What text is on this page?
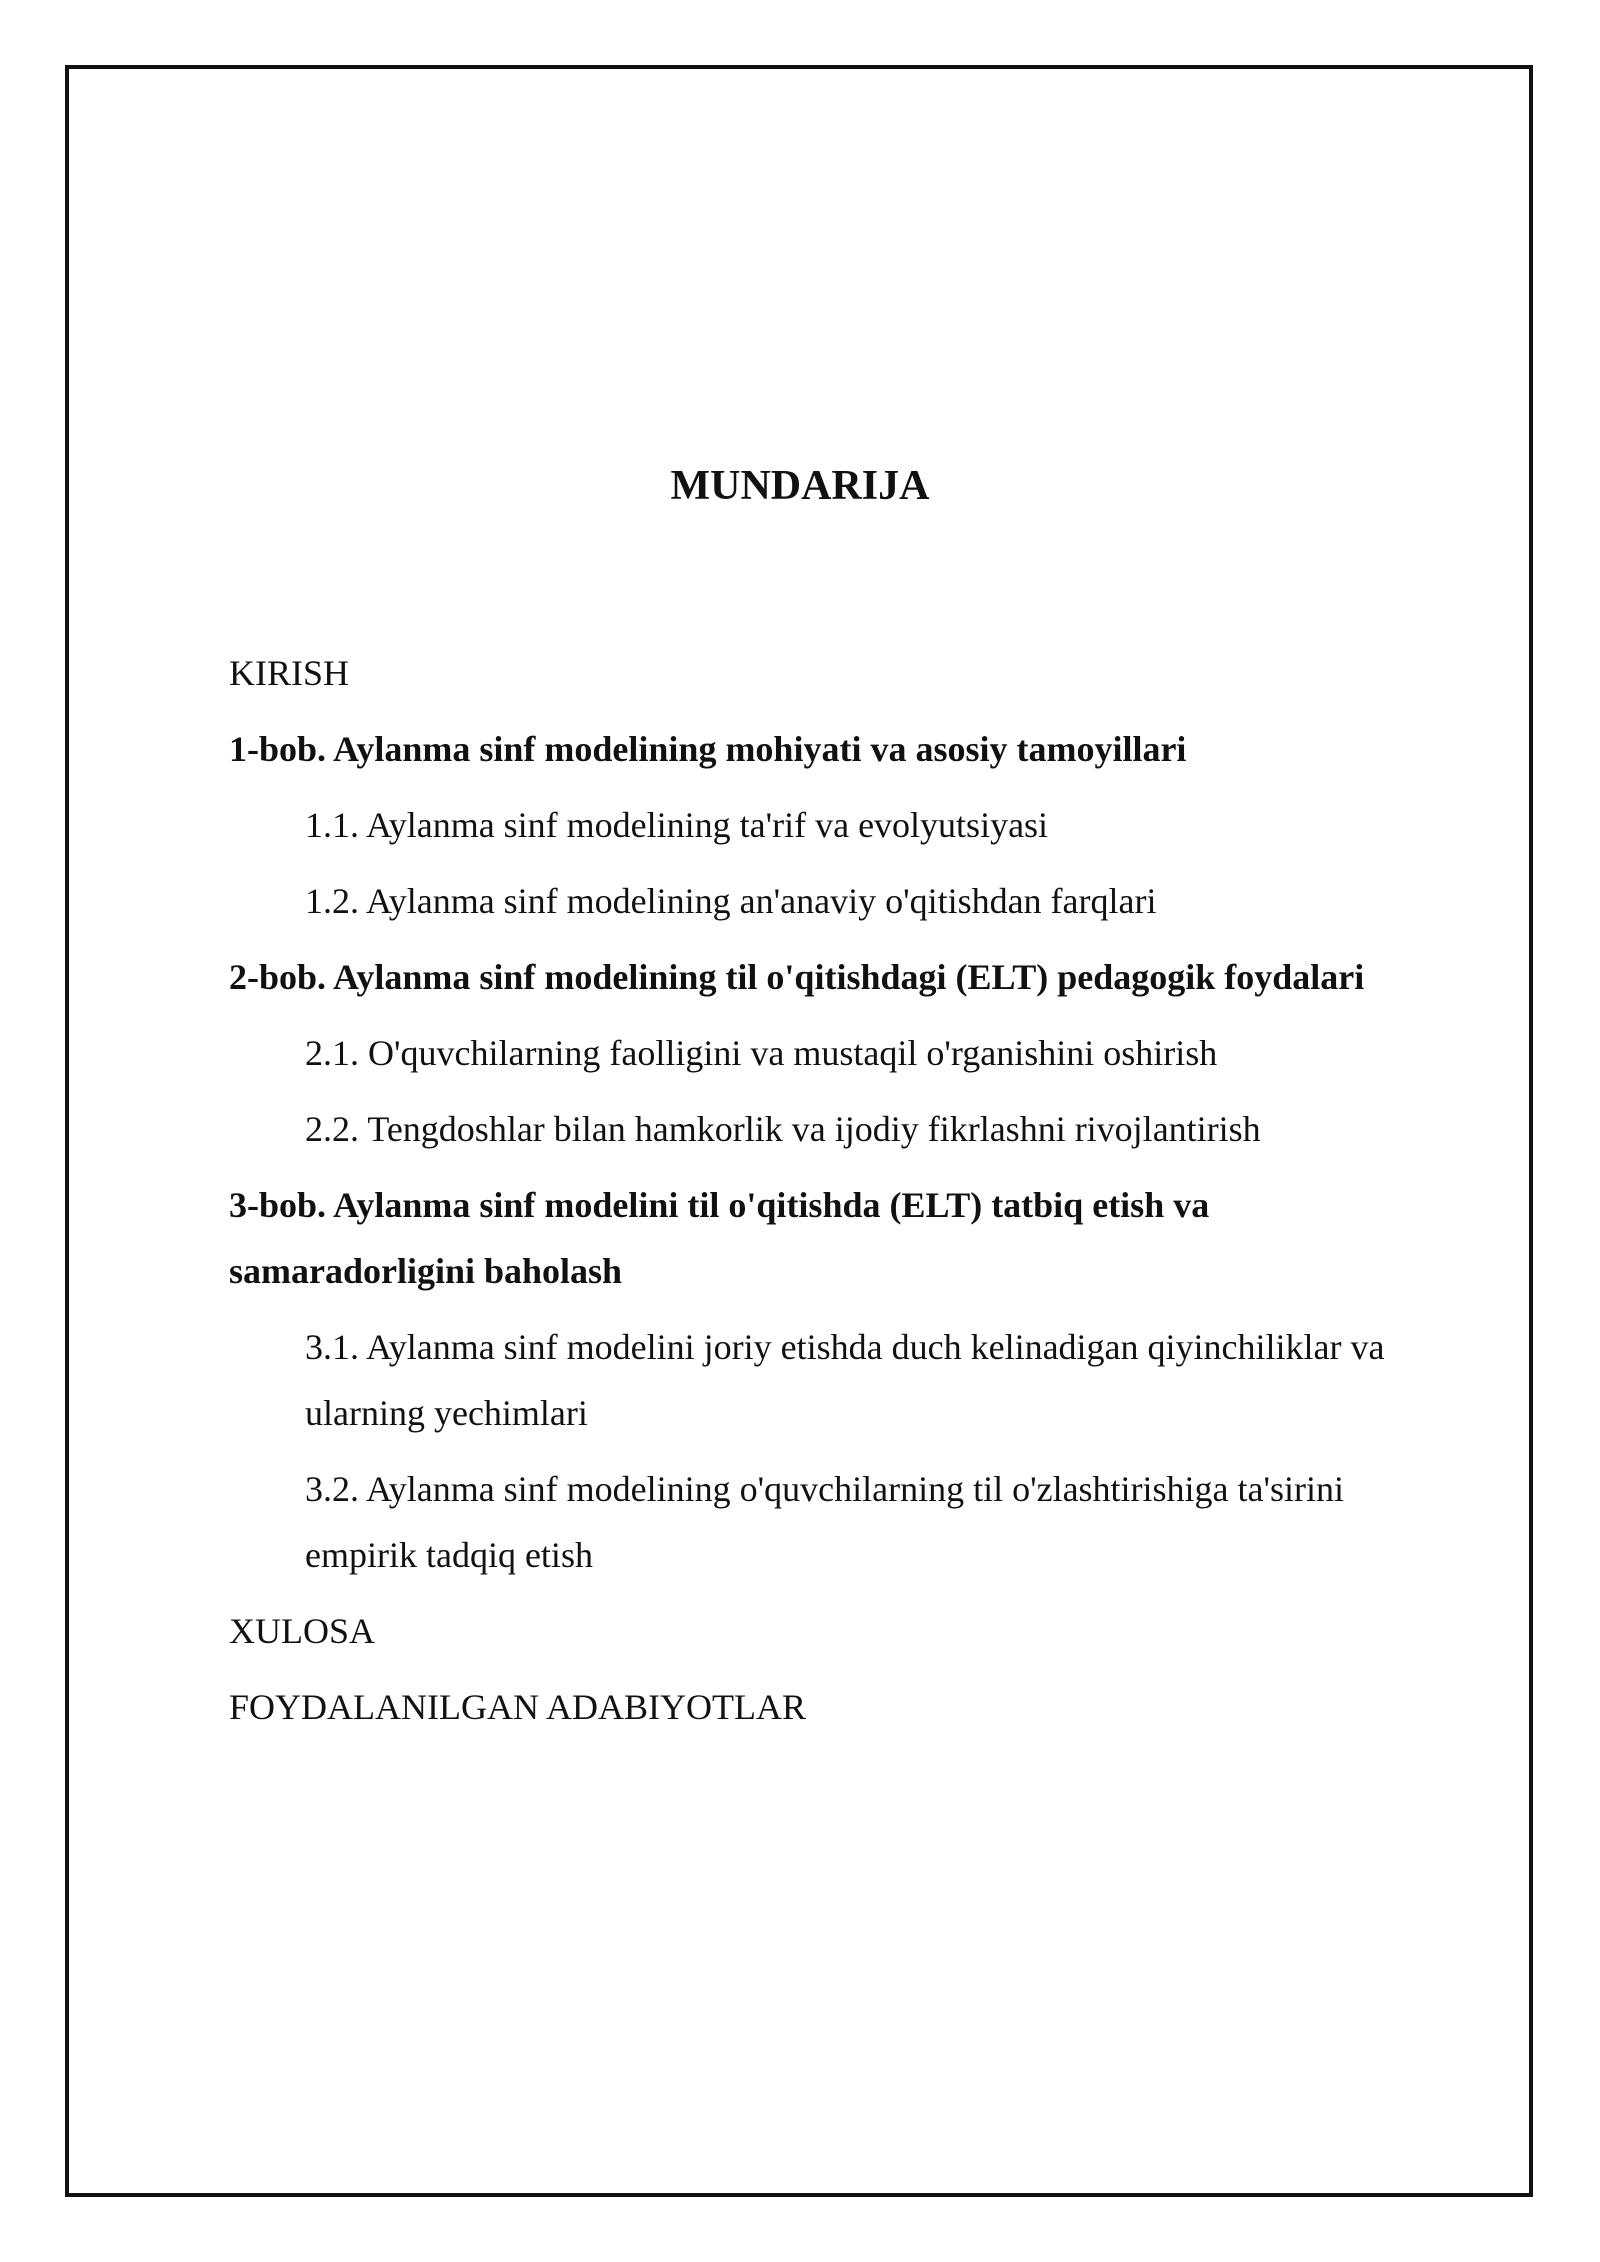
MUNDARIJA

KIRISH

1-bob. Aylanma sinf modelining mohiyati va asosiy tamoyillari

1.1. Aylanma sinf modelining ta'rif va evolyutsiyasi

1.2. Aylanma sinf modelining an'anaviy o'qitishdan farqlari

2-bob. Aylanma sinf modelining til o'qitishdagi (ELT) pedagogik foydalari

2.1. O'quvchilarning faolligini va mustaqil o'rganishini oshirish

2.2. Tengdoshlar bilan hamkorlik va ijodiy fikrlashni rivojlantirish

3-bob. Aylanma sinf modelini til o'qitishda (ELT) tatbiq etish va samaradorligini baholash

3.1. Aylanma sinf modelini joriy etishda duch kelinadigan qiyinchiliklar va ularning yechimlari

3.2. Aylanma sinf modelining o'quvchilarning til o'zlashtirishiga ta'sirini empirik tadqiq etish

XULOSA

FOYDALANILGAN ADABIYOTLAR
